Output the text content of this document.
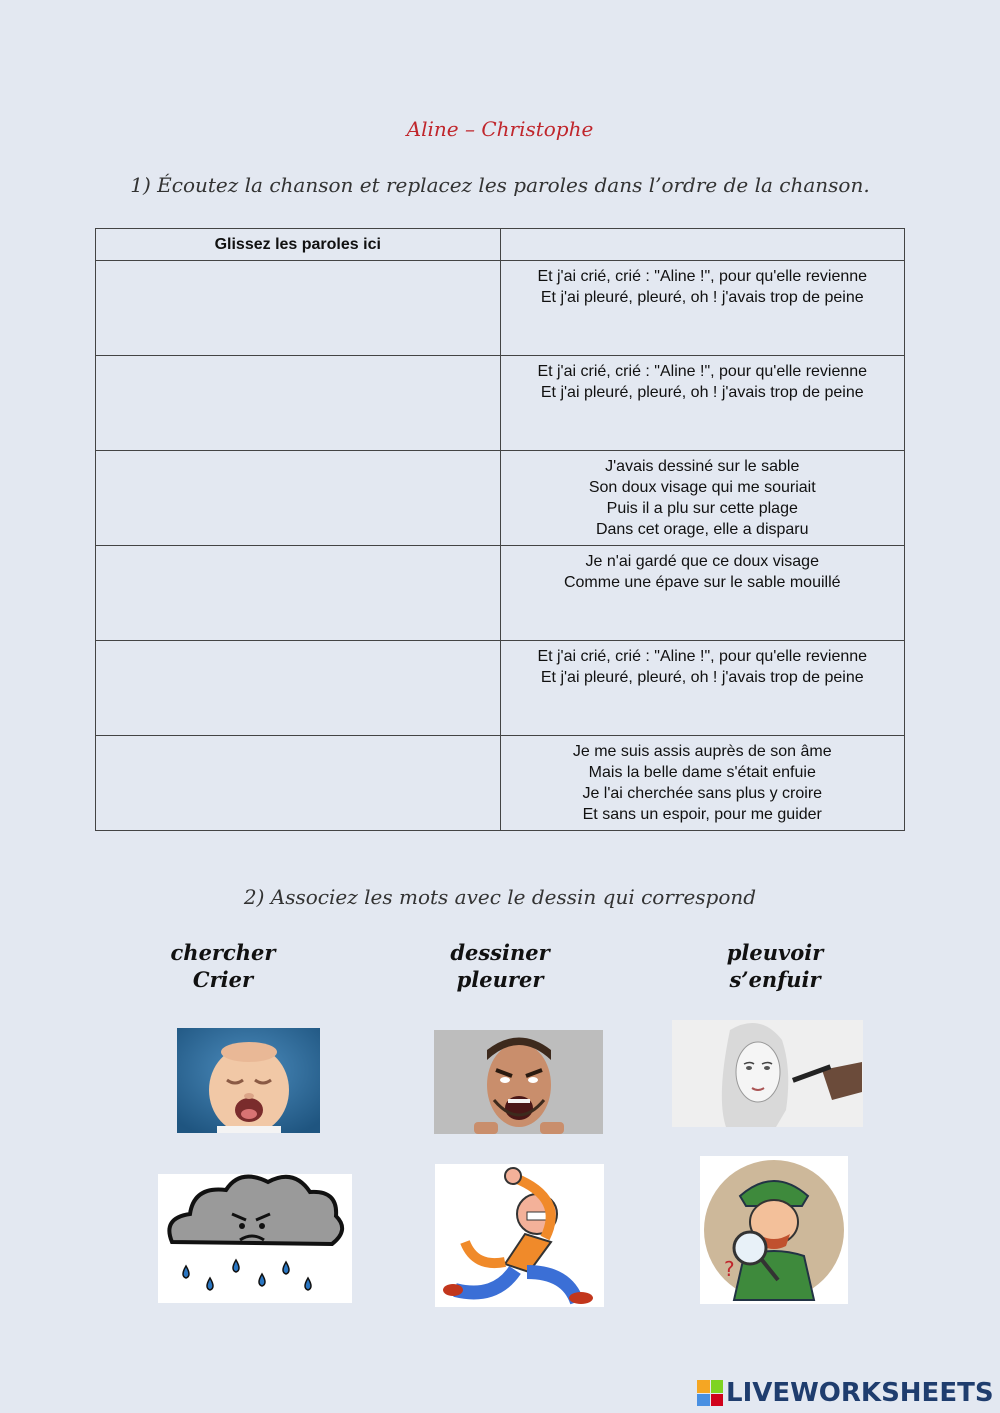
Aline – Christophe

1) Écoutez la chanson et replacez les paroles dans l’ordre de la chanson.

Glissez les paroles ici	

	Et j'ai crié, crié : "Aline !", pour qu'elle revienne
Et j'ai pleuré, pleuré, oh ! j'avais trop de peine

	Et j'ai crié, crié : "Aline !", pour qu'elle revienne
Et j'ai pleuré, pleuré, oh ! j'avais trop de peine

	J'avais dessiné sur le sable
Son doux visage qui me souriait
Puis il a plu sur cette plage
Dans cet orage, elle a disparu

	Je n'ai gardé que ce doux visage
Comme une épave sur le sable mouillé

	Et j'ai crié, crié : "Aline !", pour qu'elle revienne
Et j'ai pleuré, pleuré, oh ! j'avais trop de peine

	Je me suis assis auprès de son âme
Mais la belle dame s'était enfuie
Je l'ai cherchée sans plus y croire
Et sans un espoir, pour me guider

2) Associez les mots avec le dessin qui correspond

chercher
Crier
dessiner
pleurer
pleuvoir
s’enfuir
?
LIVEWORKSHEETS
